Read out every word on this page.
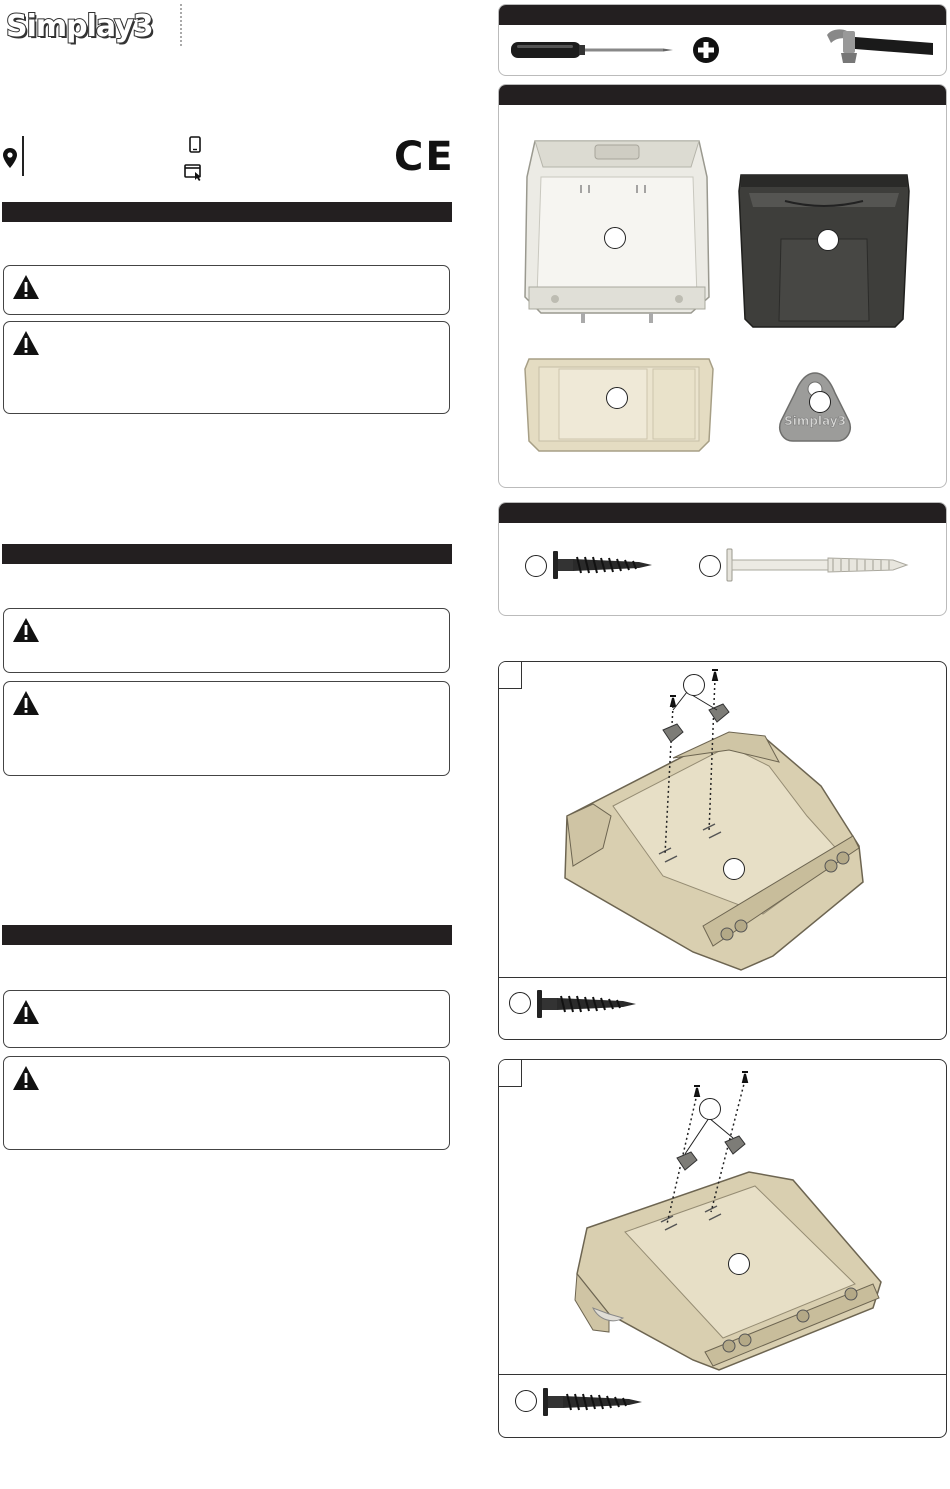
Simplay3
CE
Simplay3
